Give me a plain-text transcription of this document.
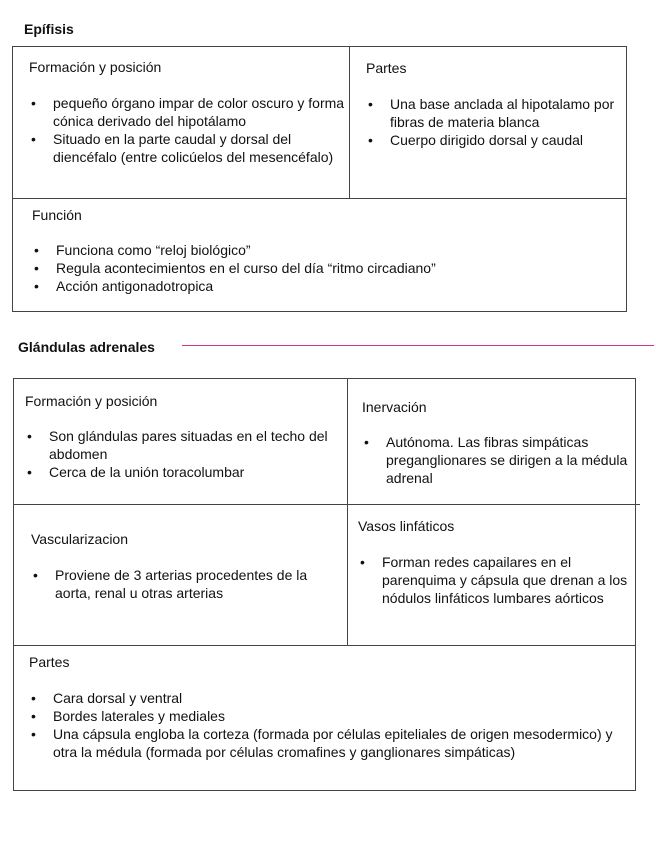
Epífisis
Formación y posición
• pequeño órgano impar de color oscuro y forma cónica derivado del hipotálamo
• Situado en la parte caudal y dorsal del diencéfalo (entre colicúelos del mesencéfalo)
Partes
• Una base anclada al hipotalamo por fibras de materia blanca
• Cuerpo dirigido dorsal y caudal
Función
• Funciona como “reloj biológico”
• Regula acontecimientos en el curso del día “ritmo circadiano”
• Acción antigonadotropica
Glándulas adrenales
Formación y posición
• Son glándulas pares situadas en el techo del abdomen
• Cerca de la unión toracolumbar
Inervación
• Autónoma. Las fibras simpáticas preganglionares se dirigen a la médula adrenal
Vascularizacion
• Proviene de 3 arterias procedentes de la aorta, renal u otras arterias
Vasos linfáticos
• Forman redes capailares en el parenquima y cápsula que drenan a los nódulos linfáticos lumbares aórticos
Partes
• Cara dorsal y ventral
• Bordes laterales y mediales
• Una cápsula engloba la corteza (formada por células epiteliales de origen mesodermico) y otra la médula (formada por células cromafines y ganglionares simpáticas)
